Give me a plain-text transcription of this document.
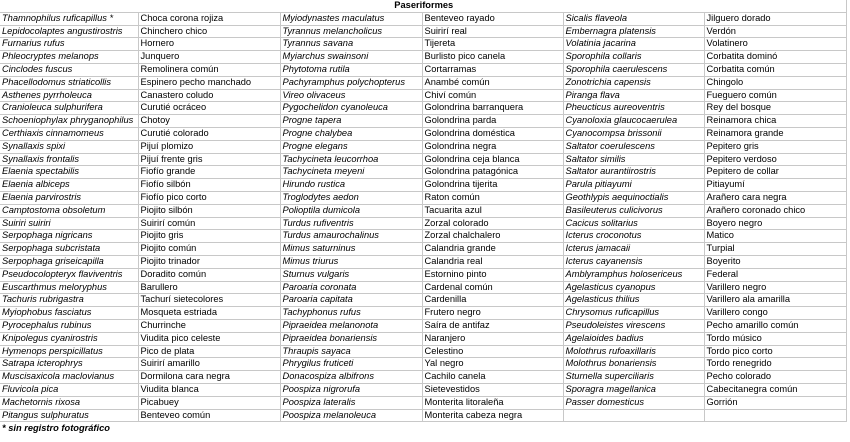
Paseriformes					
Thamnophilus ruficapillus *	Choca corona rojiza	Myiodynastes maculatus	Benteveo rayado	Sicalis flaveola	Jilguero dorado
Lepidocolaptes angustirostris	Chinchero chico	Tyrannus melancholicus	Suirirí real	Embernagra platensis	Verdón
Furnarius rufus	Hornero	Tyrannus savana	Tijereta	Volatinia jacarina	Volatinero
Phleocryptes melanops	Junquero	Myiarchus swainsoni	Burlisto pico canela	Sporophila collaris	Corbatita dominó
Cinclodes fuscus	Remolinera común	Phytotoma rutila	Cortarramas	Sporophila caerulescens	Corbatita común
Phacellodomus striaticollis	Espinero pecho manchado	Pachyramphus polychopterus	Anambé común	Zonotrichia capensis	Chingolo
Asthenes pyrrholeuca	Canastero coludo	Vireo olivaceus	Chiví común	Piranga flava	Fueguero común
Cranioleuca sulphurifera	Curutié ocráceo	Pygochelidon cyanoleuca	Golondrina barranquera	Pheucticus aureoventris	Rey del bosque
Schoeniophylax phryganophilus	Chotoy	Progne tapera	Golondrina parda	Cyanoloxia glaucocaerulea	Reinamora chica
Certhiaxis cinnamomeus	Curutié colorado	Progne chalybea	Golondrina doméstica	Cyanocompsa brissonii	Reinamora grande
Synallaxis spixi	Pijuí plomizo	Progne elegans	Golondrina negra	Saltator coerulescens	Pepitero gris
Synallaxis frontalis	Pijuí frente gris	Tachycineta leucorrhoa	Golondrina ceja blanca	Saltator similis	Pepitero verdoso
Elaenia spectabilis	Fiofío grande	Tachycineta meyeni	Golondrina patagónica	Saltator aurantiirostris	Pepitero de collar
Elaenia albiceps	Fiofío silbón	Hirundo rustica	Golondrina tijerita	Parula pitiayumi	Pitiayumí
Elaenia parvirostris	Fiofío pico corto	Troglodytes aedon	Raton común	Geothlypis aequinoctialis	Arañero cara negra
Camptostoma obsoletum	Piojito silbón	Polioptila dumicola	Tacuarita azul	Basileuterus culicivorus	Arañero coronado chico
Suiriri suiriri	Suirirí común	Turdus rufiventris	Zorzal colorado	Cacicus solitarius	Boyero negro
Serpophaga nigricans	Piojito gris	Turdus amaurochalinus	Zorzal chalchalero	Icterus croconotus	Matico
Serpophaga subcristata	Piojito común	Mimus saturninus	Calandria grande	Icterus jamacaii	Turpial
Serpophaga griseicapilla	Piojito trinador	Mimus triurus	Calandria real	Icterus cayanensis	Boyerito
Pseudocolopteryx flaviventris	Doradito común	Sturnus vulgaris	Estornino pinto	Amblyramphus holosericeus	Federal
Euscarthmus meloryphus	Barullero	Paroaria coronata	Cardenal común	Agelasticus cyanopus	Varillero negro
Tachuris rubrigastra	Tachurí sietecolores	Paroaria capitata	Cardenilla	Agelasticus thilius	Varillero ala amarilla
Myiophobus fasciatus	Mosqueta estriada	Tachyphonus rufus	Frutero negro	Chrysomus ruficapillus	Varillero congo
Pyrocephalus rubinus	Churrinche	Pipraeidea melanonota	Saíra de antifaz	Pseudoleistes virescens	Pecho amarillo común
Knipolegus cyanirostris	Viudita pico celeste	Pipraeidea bonariensis	Naranjero	Agelaioides badius	Tordo músico
Hymenops perspicillatus	Pico de plata	Thraupis sayaca	Celestino	Molothrus rufoaxillaris	Tordo pico corto
Satrapa icterophrys	Suirirí amarillo	Phrygilus fruticeti	Yal negro	Molothrus bonariensis	Tordo renegrido
Muscisaxicola maclovianus	Dormilona cara negra	Donacospiza albifrons	Cachilo canela	Sturnella superciliaris	Pecho colorado
Fluvicola pica	Viudita blanca	Poospiza nigrorufa	Sietevestidos	Sporagra magellanica	Cabecitanegra común
Machetornis rixosa	Picabuey	Poospiza lateralis	Monterita litoraleña	Passer domesticus	Gorrión
Pitangus sulphuratus	Benteveo común	Poospiza melanoleuca	Monterita cabeza negra		
* sin registro fotográfico
